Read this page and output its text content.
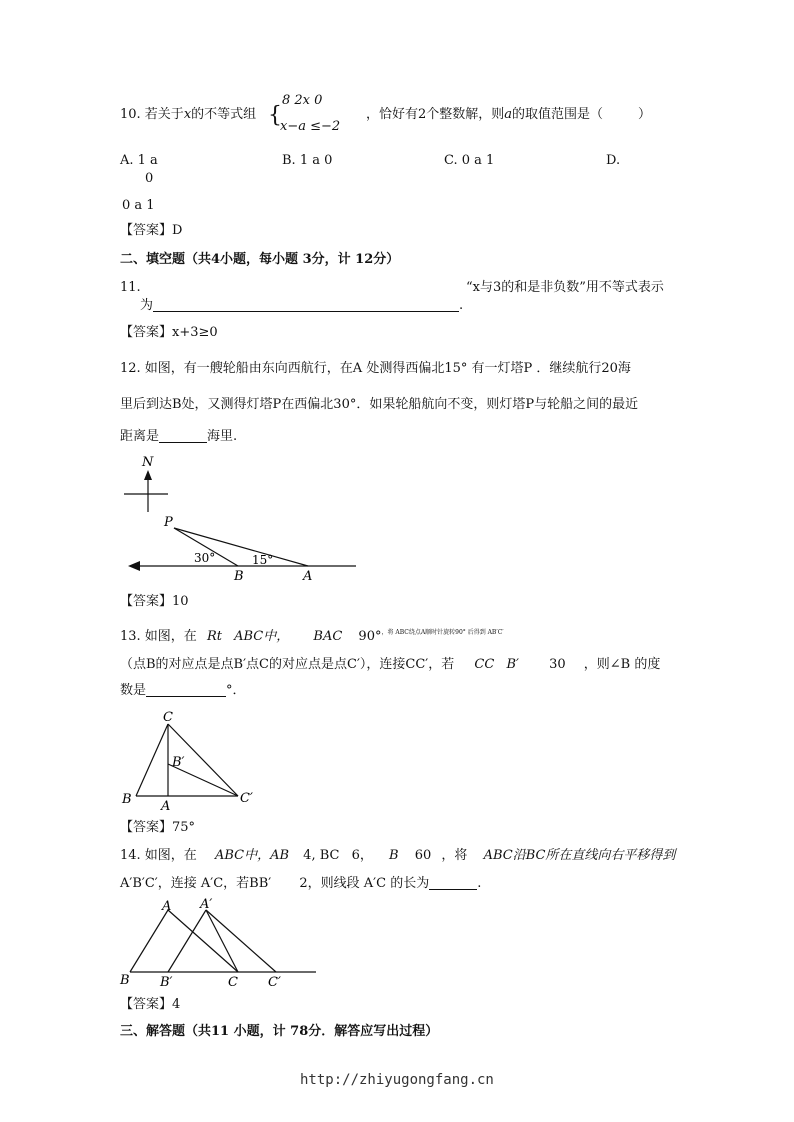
10. 若关于x的不等式组 {
8 2x 0
x−a ≤−2
，恰好有2个整数解，则a的取值范围是（	）
A. 1 a
0
B. 1 a 0	C. 0 a 1	D.
0 a 1
【答案】D
二、填空题（共4小题，每小题 3分，计 12分）
11.	“x与3的和是非负数”用不等式表示
为	.
【答案】x+3≥0
12. 如图，有一艘轮船由东向西航行，在A 处测得西偏北15° 有一灯塔P ．继续航行20海
里后到达B处，又测得灯塔P在西偏北30°．如果轮船航向不变，则灯塔P与轮船之间的最近
距离是	海里.
N
P
B	A
30°	15°
【答案】10
13. 如图，在 Rt ABC中， BAC 90°$^{,将 ABC绕点A顺时针旋转90^\circ 后得到 AB'C'}$
（点B的对应点是点B′点C的对应点是点C′），连接CC′，若 CC B′ 30 ，则∠B 的度
数是	°．
C
B′
B A
C′
【答案】75°
14. 如图，在 ABC中，AB 4, BC 6， B 60 ，将 ABC沿BC所在直线向右平移得到
A′B′C′，连接 A′C，若BB′ 2，则线段 A′C 的长为	.
A A′
B B′	C C′
【答案】4
三、解答题（共11 小题，计 78分．解答应写出过程）
http://zhiyugongfang.cn
